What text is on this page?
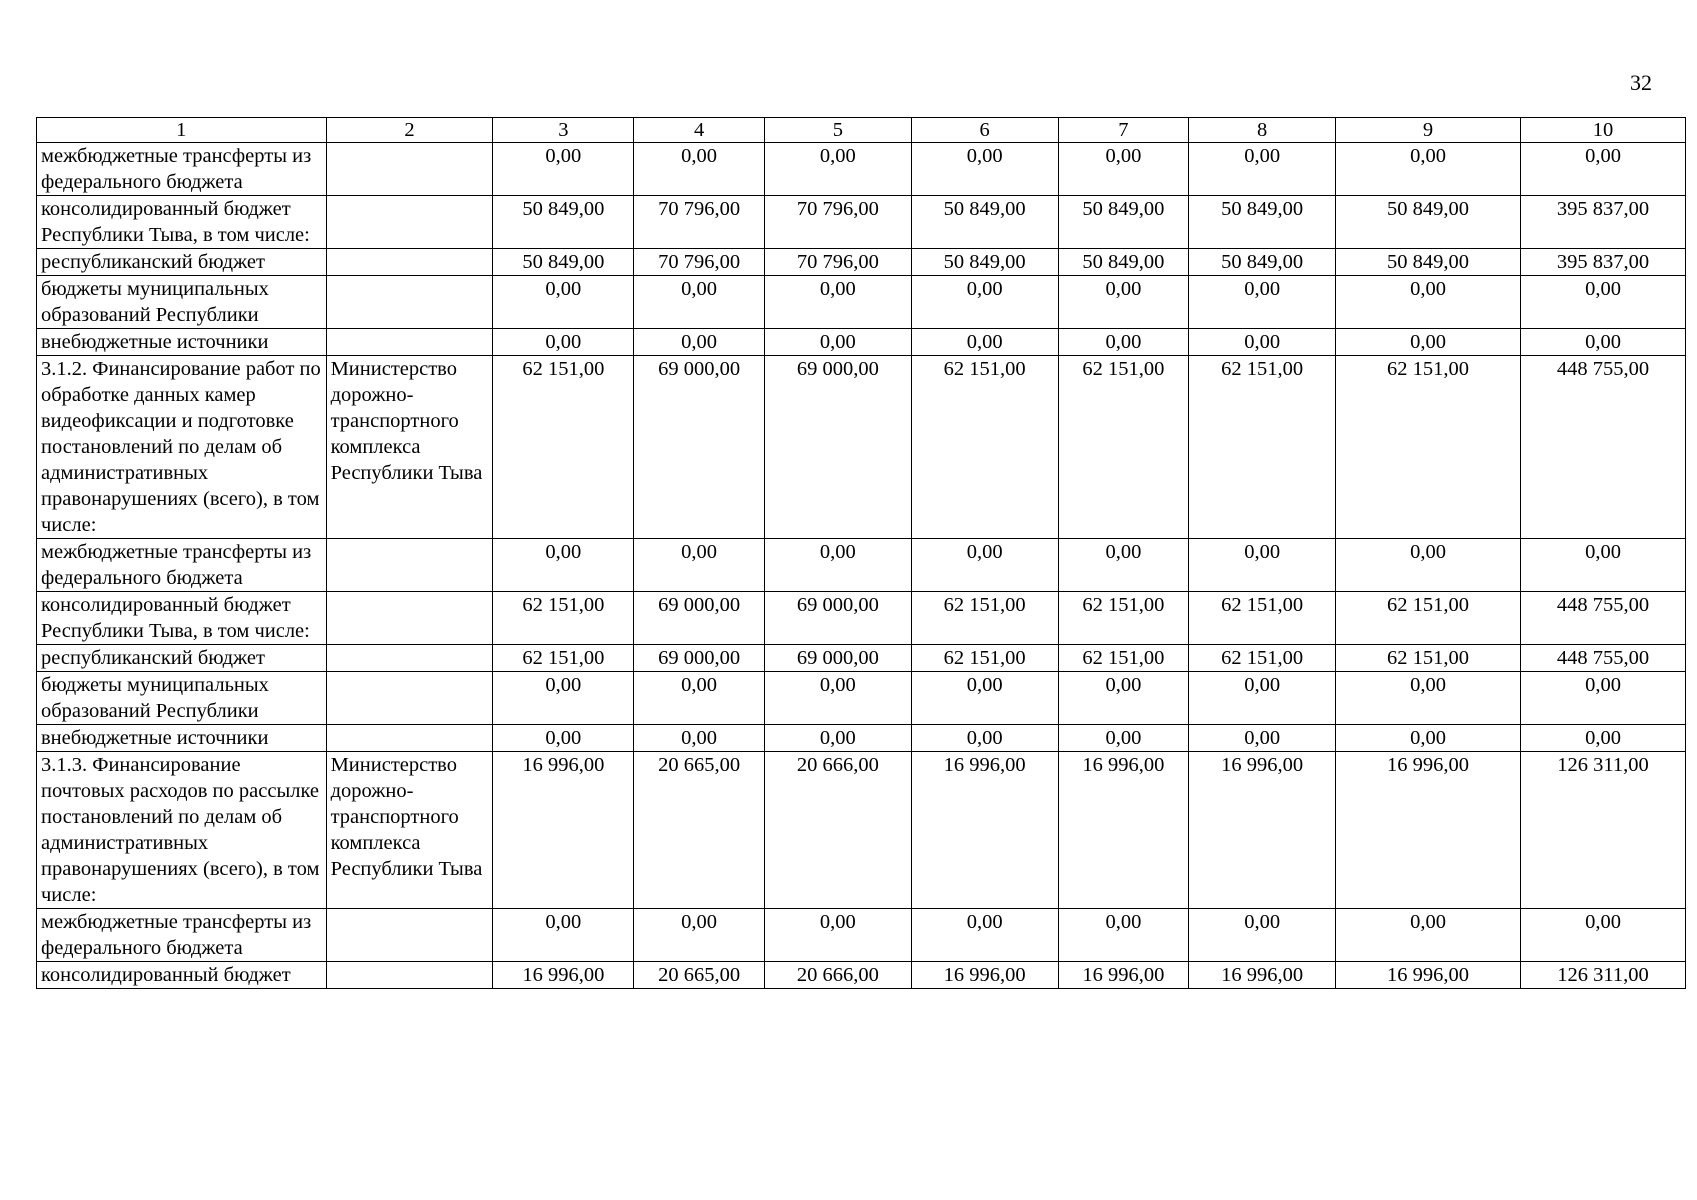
32
1	2	3	4	5	6	7	8	9	10
межбюджетные трансферты из федерального бюджета		0,00	0,00	0,00	0,00	0,00	0,00	0,00	0,00
консолидированный бюджет Республики Тыва, в том числе:		50 849,00	70 796,00	70 796,00	50 849,00	50 849,00	50 849,00	50 849,00	395 837,00
республиканский бюджет		50 849,00	70 796,00	70 796,00	50 849,00	50 849,00	50 849,00	50 849,00	395 837,00
бюджеты муниципальных образований Республики		0,00	0,00	0,00	0,00	0,00	0,00	0,00	0,00
внебюджетные источники		0,00	0,00	0,00	0,00	0,00	0,00	0,00	0,00
3.1.2. Финансирование работ по обработке данных камер видеофиксации и подготовке постановлений по делам об административных правонарушениях (всего), в том числе:	Министерство дорожно-транспортного комплекса Республики Тыва	62 151,00	69 000,00	69 000,00	62 151,00	62 151,00	62 151,00	62 151,00	448 755,00
межбюджетные трансферты из федерального бюджета		0,00	0,00	0,00	0,00	0,00	0,00	0,00	0,00
консолидированный бюджет Республики Тыва, в том числе:		62 151,00	69 000,00	69 000,00	62 151,00	62 151,00	62 151,00	62 151,00	448 755,00
республиканский бюджет		62 151,00	69 000,00	69 000,00	62 151,00	62 151,00	62 151,00	62 151,00	448 755,00
бюджеты муниципальных образований Республики		0,00	0,00	0,00	0,00	0,00	0,00	0,00	0,00
внебюджетные источники		0,00	0,00	0,00	0,00	0,00	0,00	0,00	0,00
3.1.3. Финансирование почтовых расходов по рассылке постановлений по делам об административных правонарушениях (всего), в том числе:	Министерство дорожно-транспортного комплекса Республики Тыва	16 996,00	20 665,00	20 666,00	16 996,00	16 996,00	16 996,00	16 996,00	126 311,00
межбюджетные трансферты из федерального бюджета		0,00	0,00	0,00	0,00	0,00	0,00	0,00	0,00
консолидированный бюджет		16 996,00	20 665,00	20 666,00	16 996,00	16 996,00	16 996,00	16 996,00	126 311,00
